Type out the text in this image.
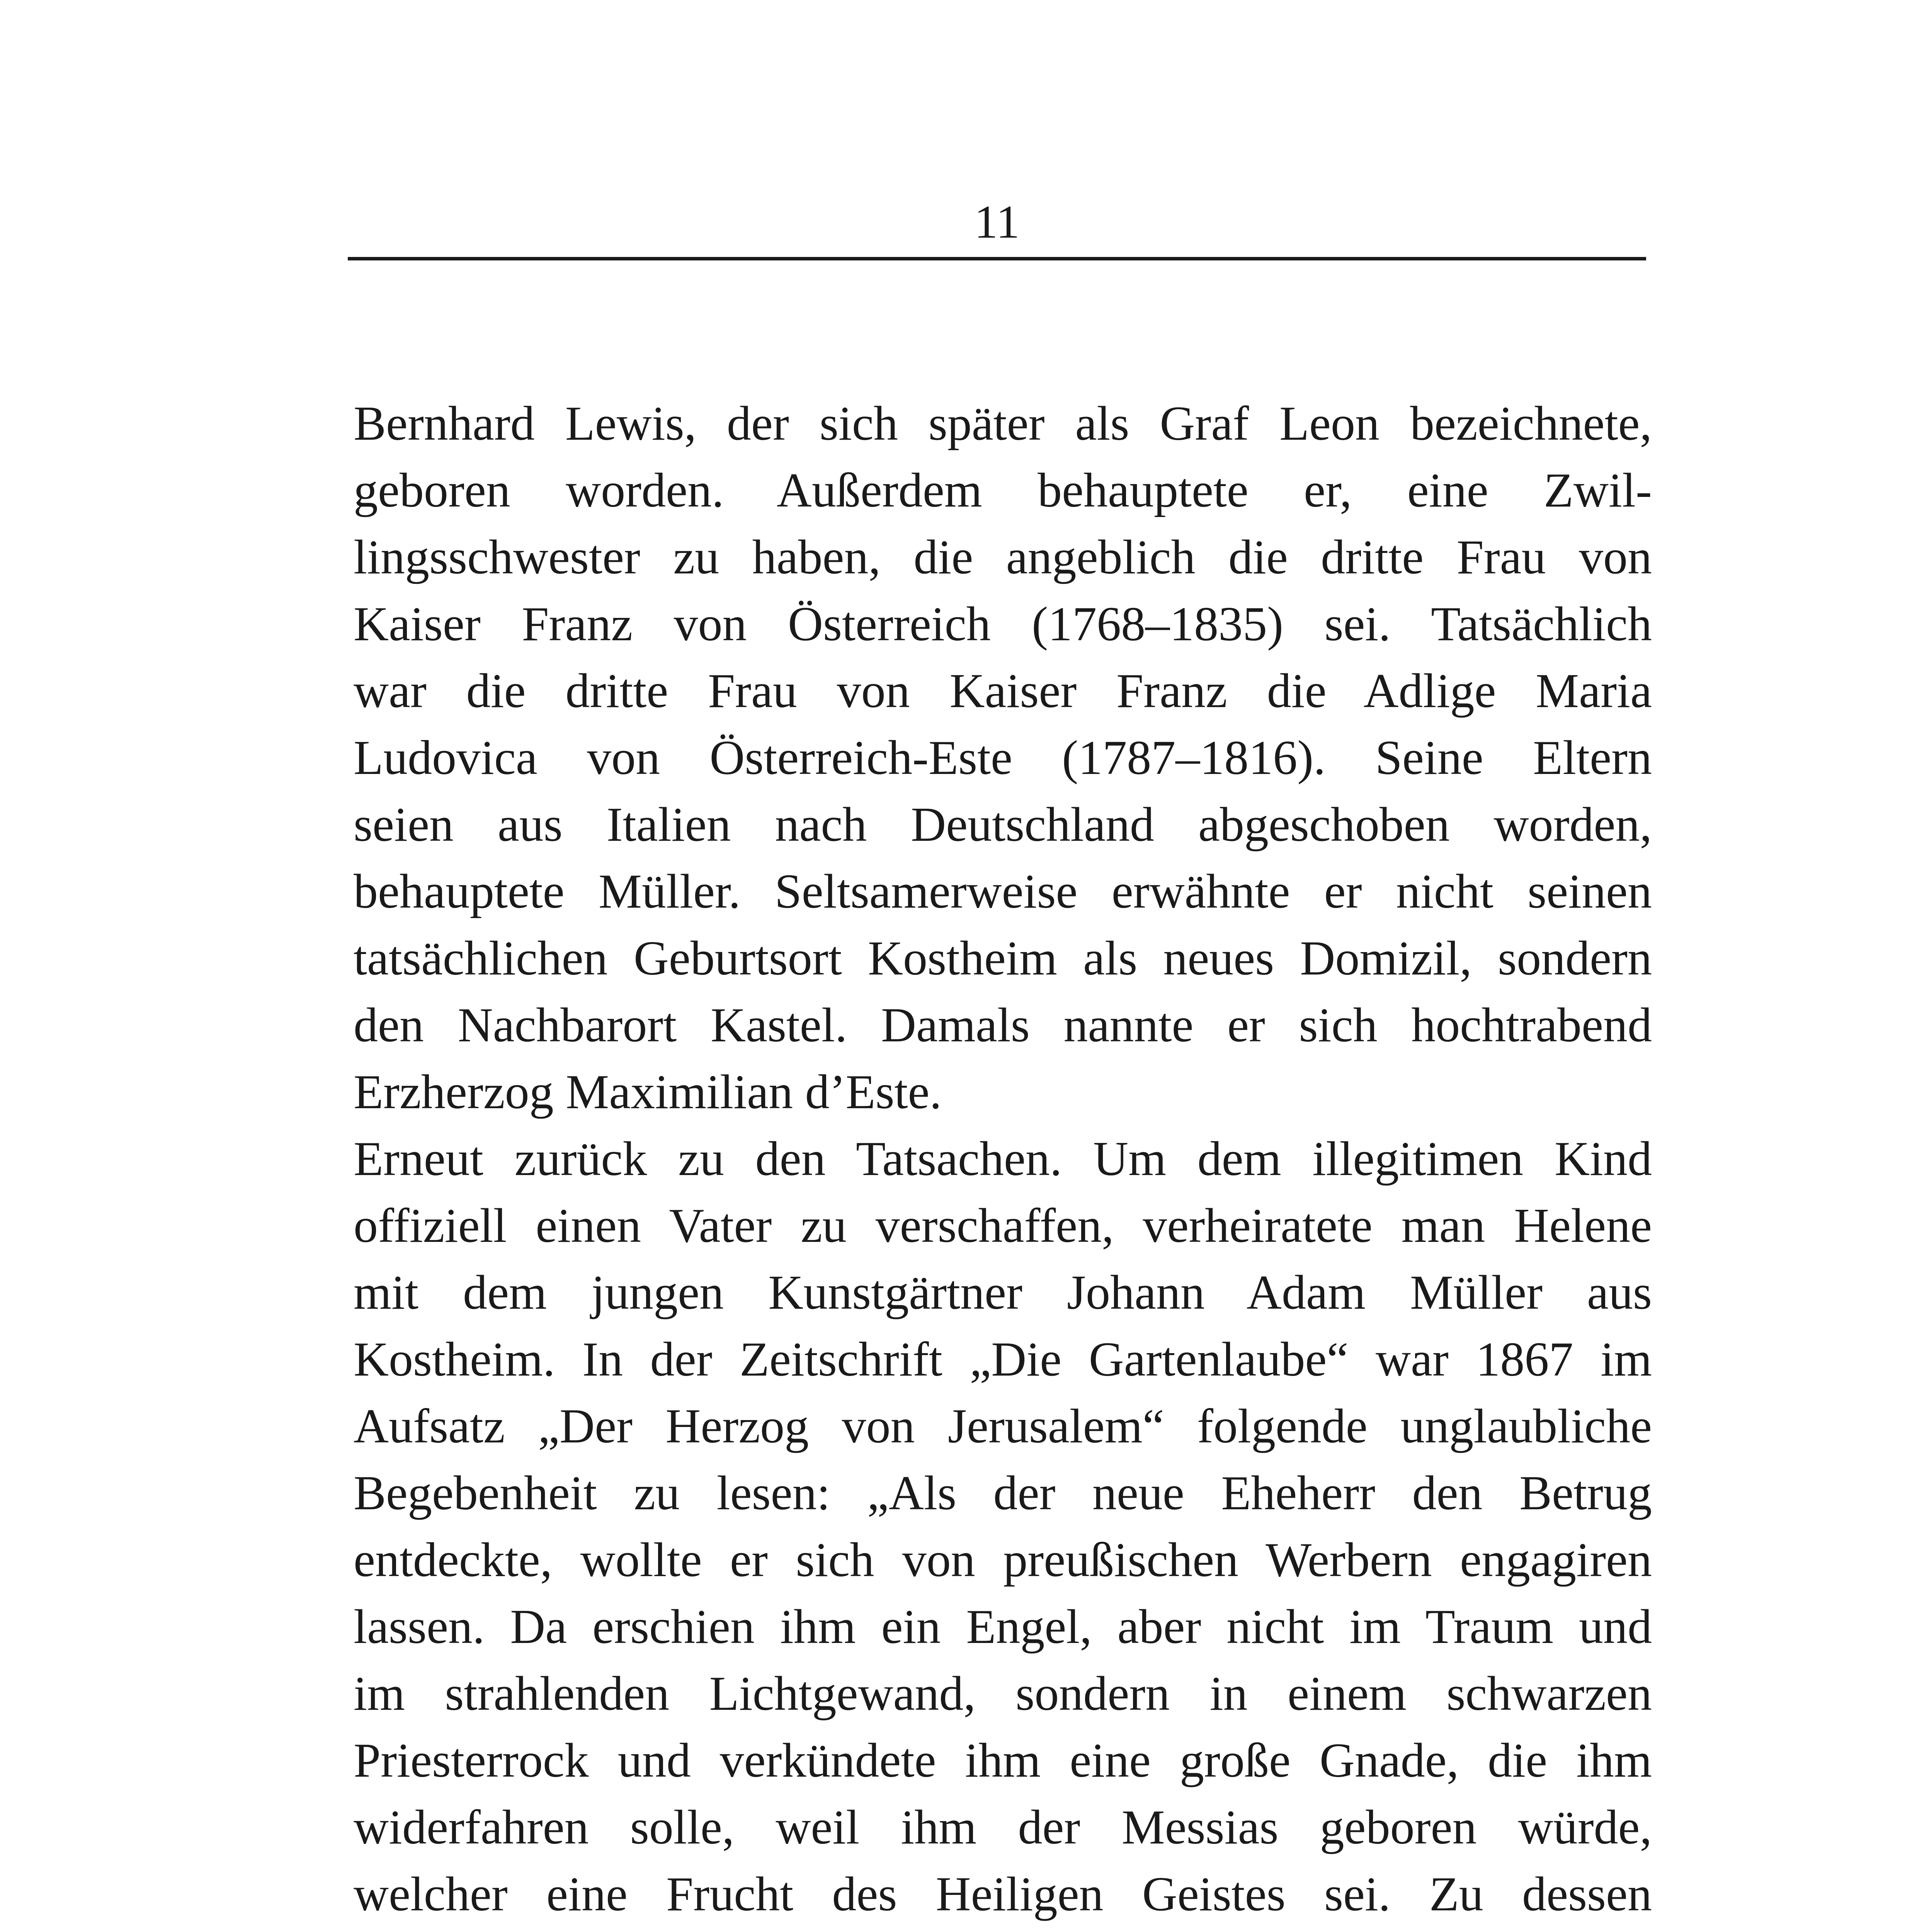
11
Bernhard Lewis, der sich später als Graf Leon bezeichnete,
geboren worden. Außerdem behauptete er, eine Zwil-
lingsschwester zu haben, die angeblich die dritte Frau von
Kaiser Franz von Österreich (1768–1835) sei. Tatsächlich
war die dritte Frau von Kaiser Franz die Adlige Maria
Ludovica von Österreich-Este (1787–1816). Seine Eltern
seien aus Italien nach Deutschland abgeschoben worden,
behauptete Müller. Seltsamerweise erwähnte er nicht seinen
tatsächlichen Geburtsort Kostheim als neues Domizil, sondern
den Nachbarort Kastel. Damals nannte er sich hochtrabend
Erzherzog Maximilian d’Este.
Erneut zurück zu den Tatsachen. Um dem illegitimen Kind
offiziell einen Vater zu verschaffen, verheiratete man Helene
mit dem jungen Kunstgärtner Johann Adam Müller aus
Kostheim. In der Zeitschrift „Die Gartenlaube“ war 1867 im
Aufsatz „Der Herzog von Jerusalem“ folgende unglaubliche
Begebenheit zu lesen: „Als der neue Eheherr den Betrug
entdeckte, wollte er sich von preußischen Werbern engagiren
lassen. Da erschien ihm ein Engel, aber nicht im Traum und
im strahlenden Lichtgewand, sondern in einem schwarzen
Priesterrock und verkündete ihm eine große Gnade, die ihm
widerfahren solle, weil ihm der Messias geboren würde,
welcher eine Frucht des Heiligen Geistes sei. Zu dessen
